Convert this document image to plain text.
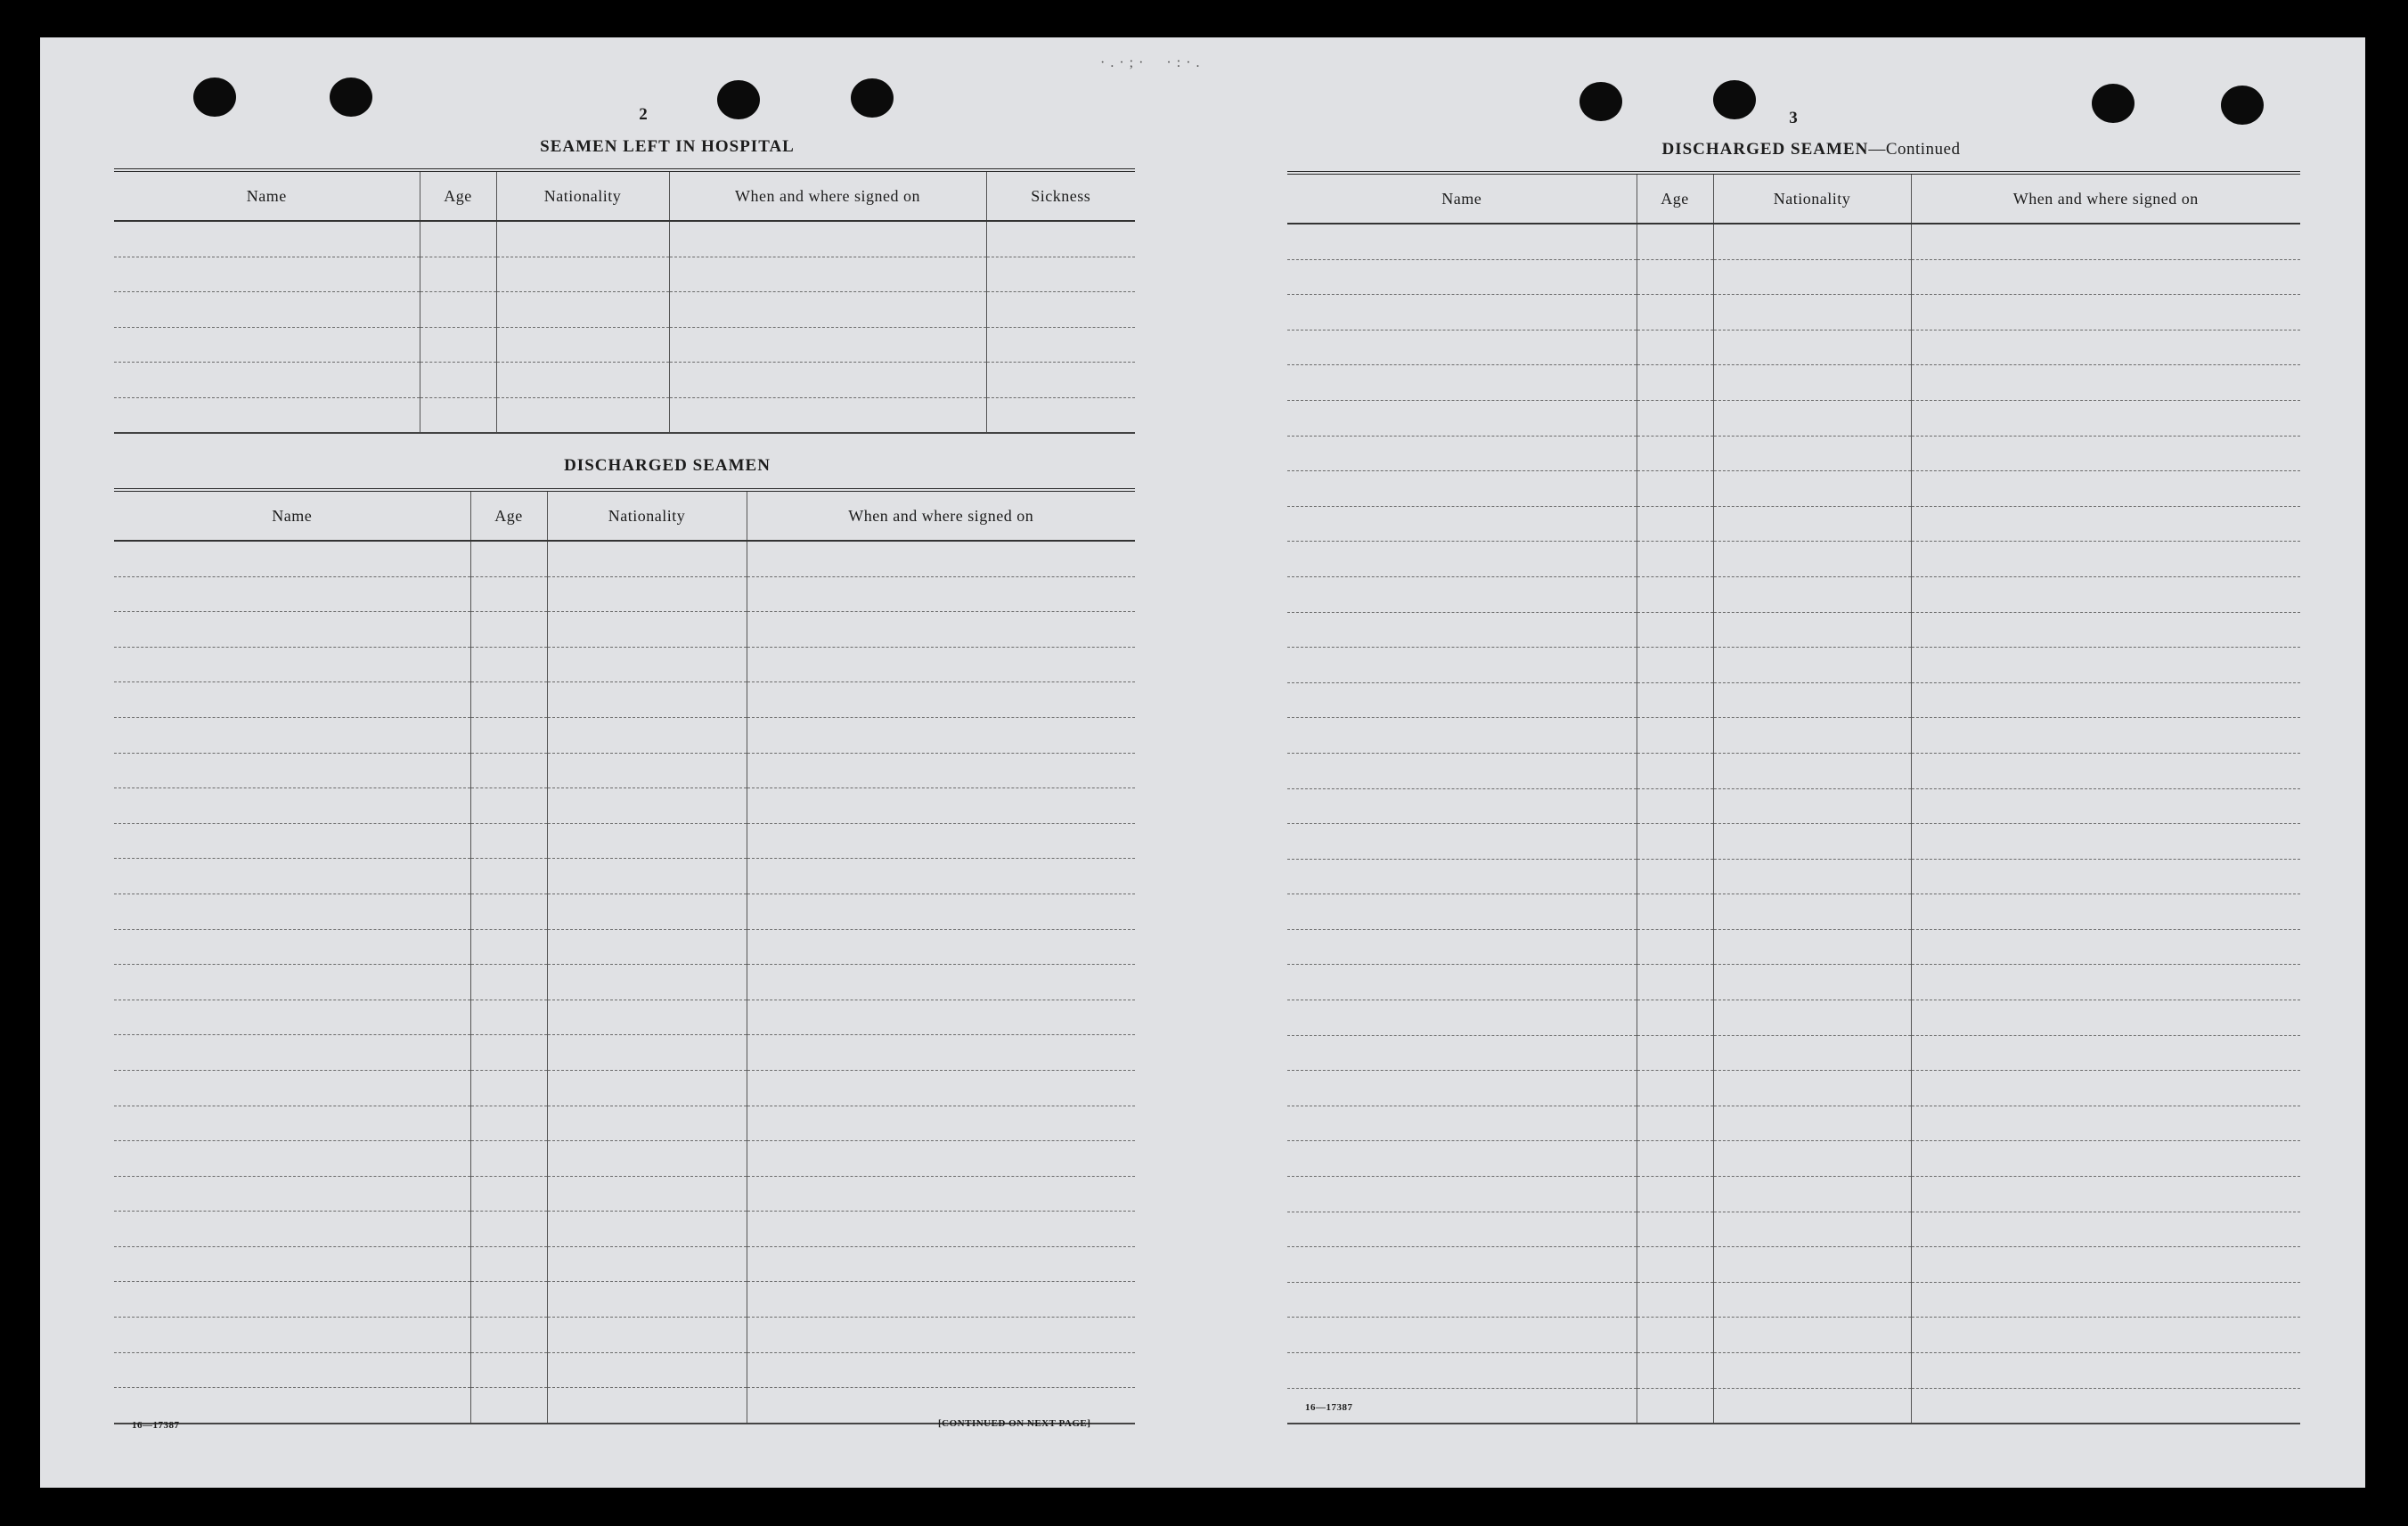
·.·;·  ·:·.
2
SEAMEN LEFT IN HOSPITAL
Name	Age	Nationality	When and where signed on	Sickness

DISCHARGED SEAMEN
Name	Age	Nationality	When and where signed on

16—17387	[CONTINUED ON NEXT PAGE]
3
DISCHARGED SEAMEN—Continued
Name	Age	Nationality	When and where signed on

16—17387
